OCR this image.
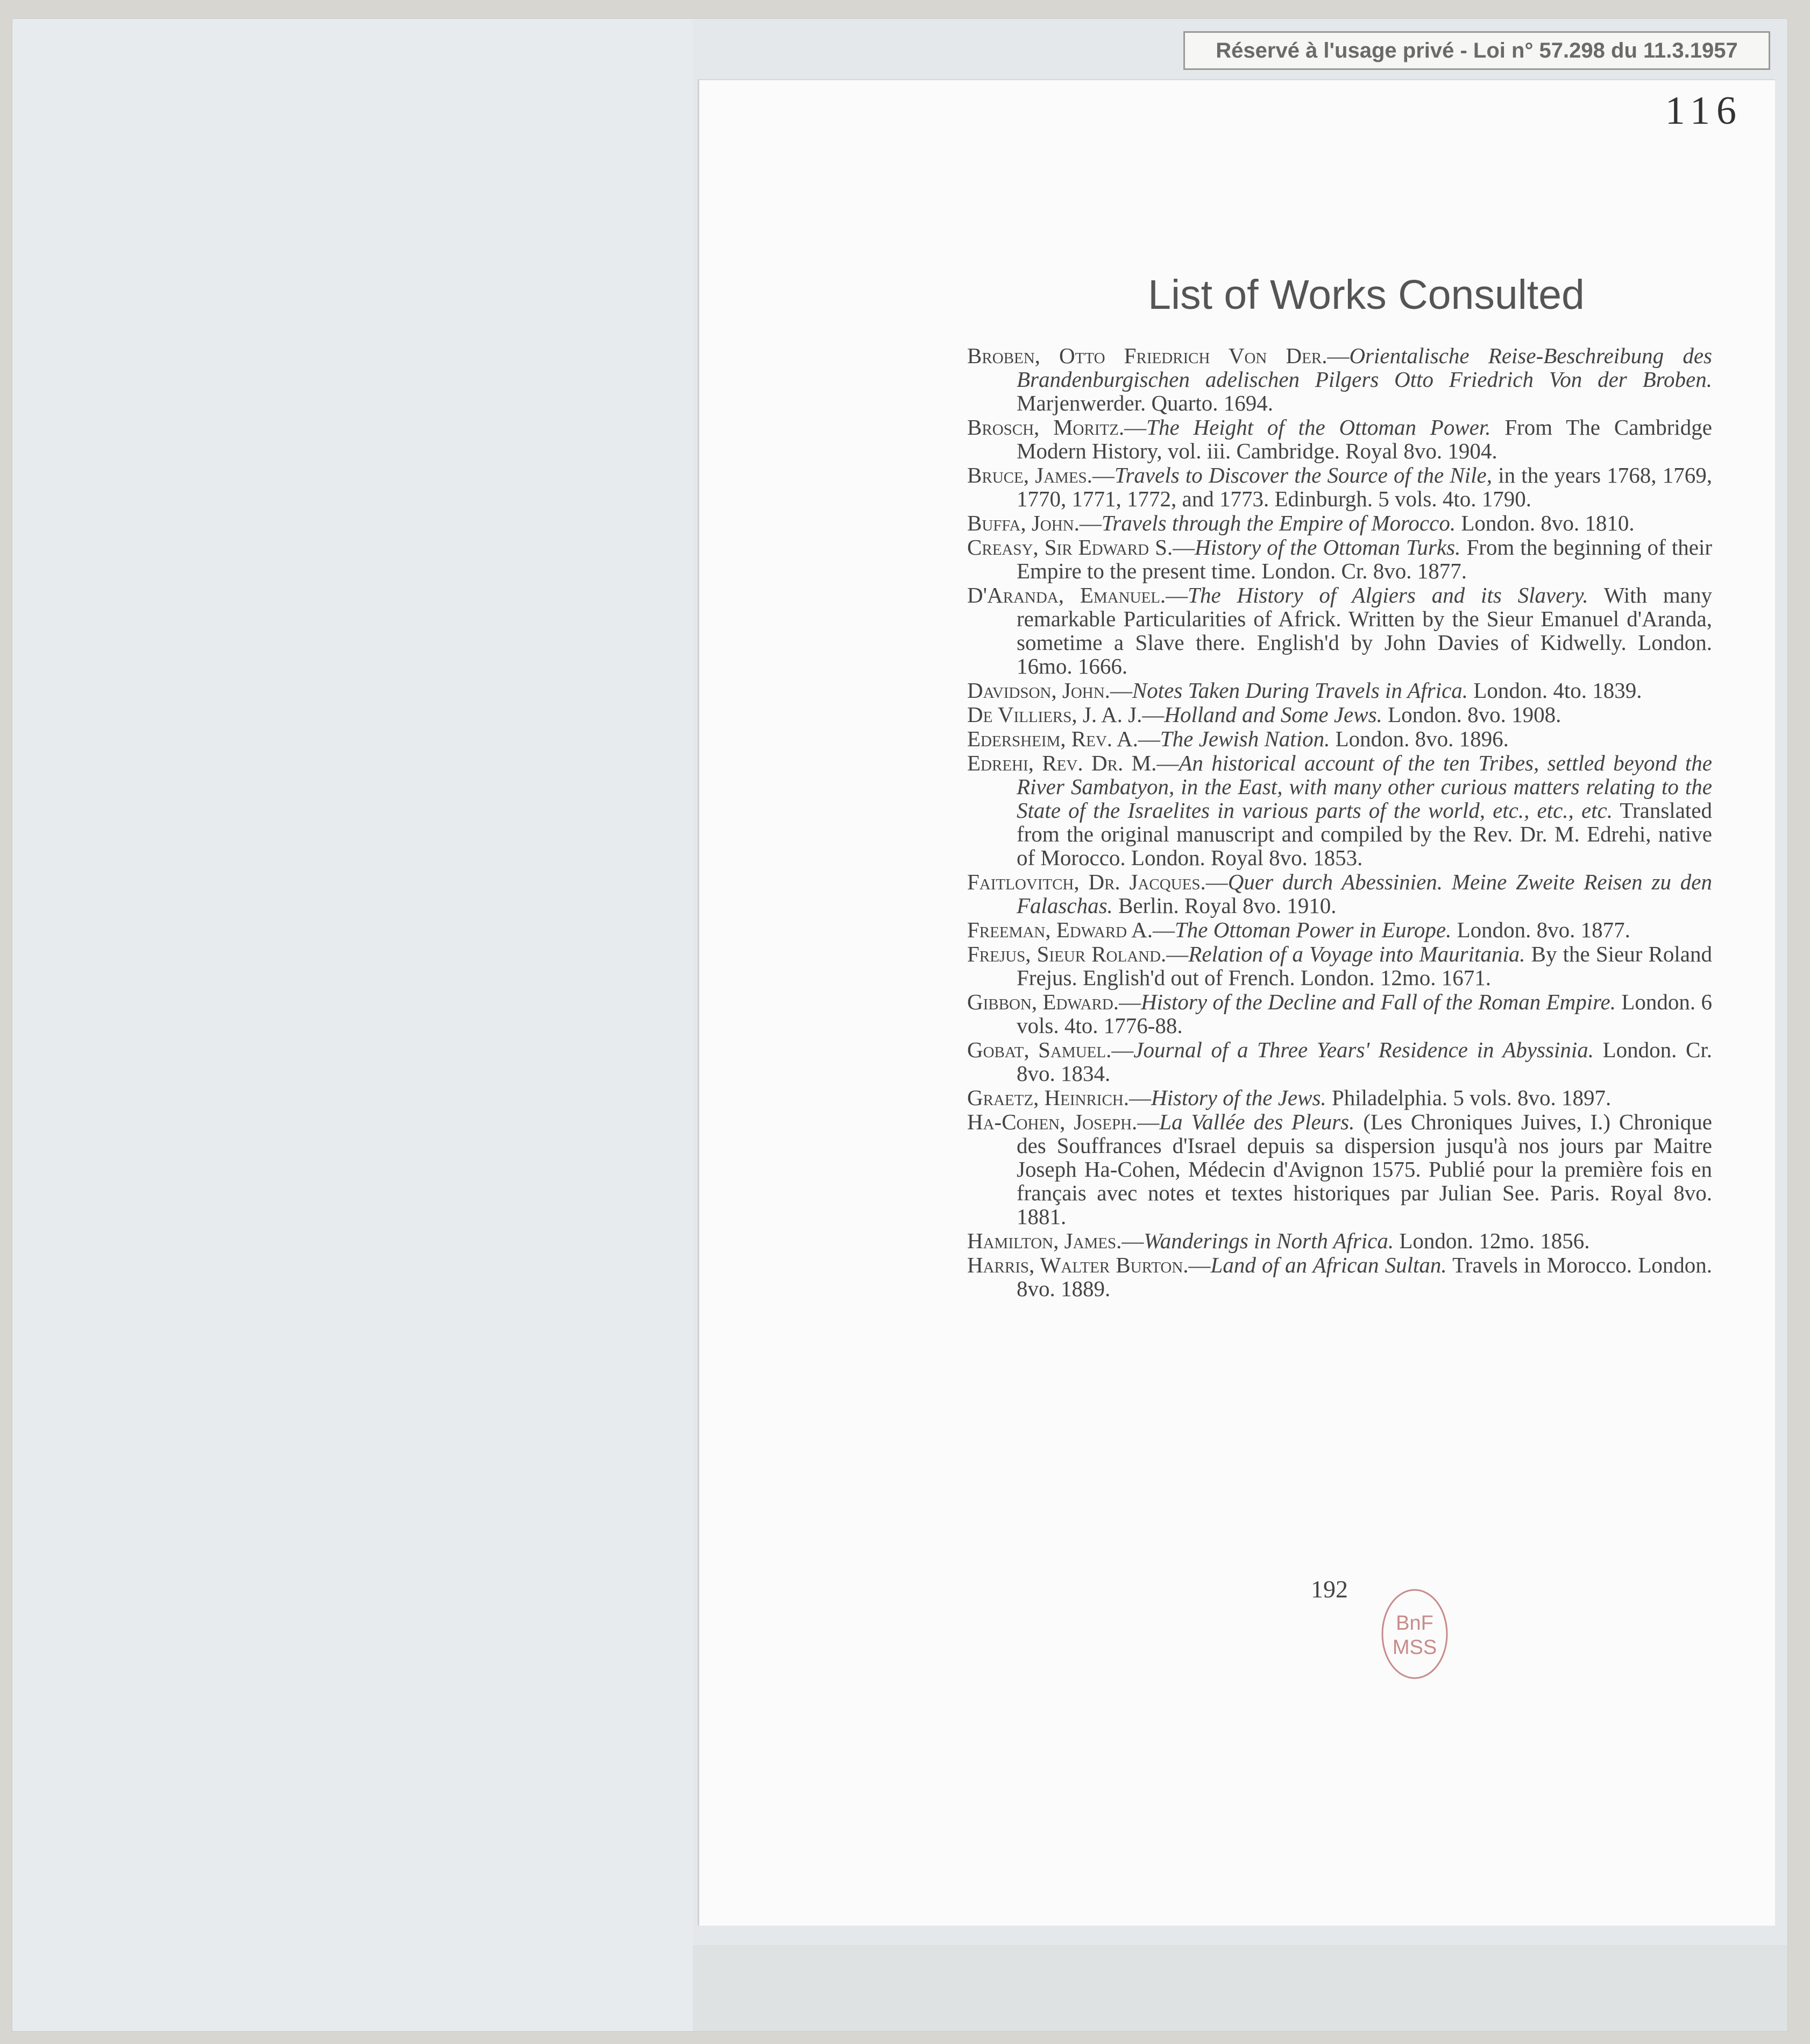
Réservé à l'usage privé - Loi n° 57.298 du 11.3.1957
116
List of Works Consulted

Broben, Otto Friedrich Von Der.—Orientalische Reise-Beschreibung des Brandenburgischen adelischen Pilgers Otto Friedrich Von der Broben. Marjenwerder. Quarto. 1694.

Brosch, Moritz.—The Height of the Ottoman Power. From The Cambridge Modern History, vol. iii. Cambridge. Royal 8vo. 1904.

Bruce, James.—Travels to Discover the Source of the Nile, in the years 1768, 1769, 1770, 1771, 1772, and 1773. Edinburgh. 5 vols. 4to. 1790.

Buffa, John.—Travels through the Empire of Morocco. London. 8vo. 1810.

Creasy, Sir Edward S.—History of the Ottoman Turks. From the beginning of their Empire to the present time. London. Cr. 8vo. 1877.

D'Aranda, Emanuel.—The History of Algiers and its Slavery. With many remarkable Particularities of Africk. Written by the Sieur Emanuel d'Aranda, sometime a Slave there. English'd by John Davies of Kidwelly. London. 16mo. 1666.

Davidson, John.—Notes Taken During Travels in Africa. London. 4to. 1839.

De Villiers, J. A. J.—Holland and Some Jews. London. 8vo. 1908.

Edersheim, Rev. A.—The Jewish Nation. London. 8vo. 1896.

Edrehi, Rev. Dr. M.—An historical account of the ten Tribes, settled beyond the River Sambatyon, in the East, with many other curious matters relating to the State of the Israelites in various parts of the world, etc., etc., etc. Translated from the original manuscript and compiled by the Rev. Dr. M. Edrehi, native of Morocco. London. Royal 8vo. 1853.

Faitlovitch, Dr. Jacques.—Quer durch Abessinien. Meine Zweite Reisen zu den Falaschas. Berlin. Royal 8vo. 1910.

Freeman, Edward A.—The Ottoman Power in Europe. London. 8vo. 1877.

Frejus, Sieur Roland.—Relation of a Voyage into Mauritania. By the Sieur Roland Frejus. English'd out of French. London. 12mo. 1671.

Gibbon, Edward.—History of the Decline and Fall of the Roman Empire. London. 6 vols. 4to. 1776-88.

Gobat, Samuel.—Journal of a Three Years' Residence in Abyssinia. London. Cr. 8vo. 1834.

Graetz, Heinrich.—History of the Jews. Philadelphia. 5 vols. 8vo. 1897.

Ha-Cohen, Joseph.—La Vallée des Pleurs. (Les Chroniques Juives, I.) Chronique des Souffrances d'Israel depuis sa dispersion jusqu'à nos jours par Maitre Joseph Ha-Cohen, Médecin d'Avignon 1575. Publié pour la première fois en français avec notes et textes historiques par Julian See. Paris. Royal 8vo. 1881.

Hamilton, James.—Wanderings in North Africa. London. 12mo. 1856.

Harris, Walter Burton.—Land of an African Sultan. Travels in Morocco. London. 8vo. 1889.

192
BnF
MSS
